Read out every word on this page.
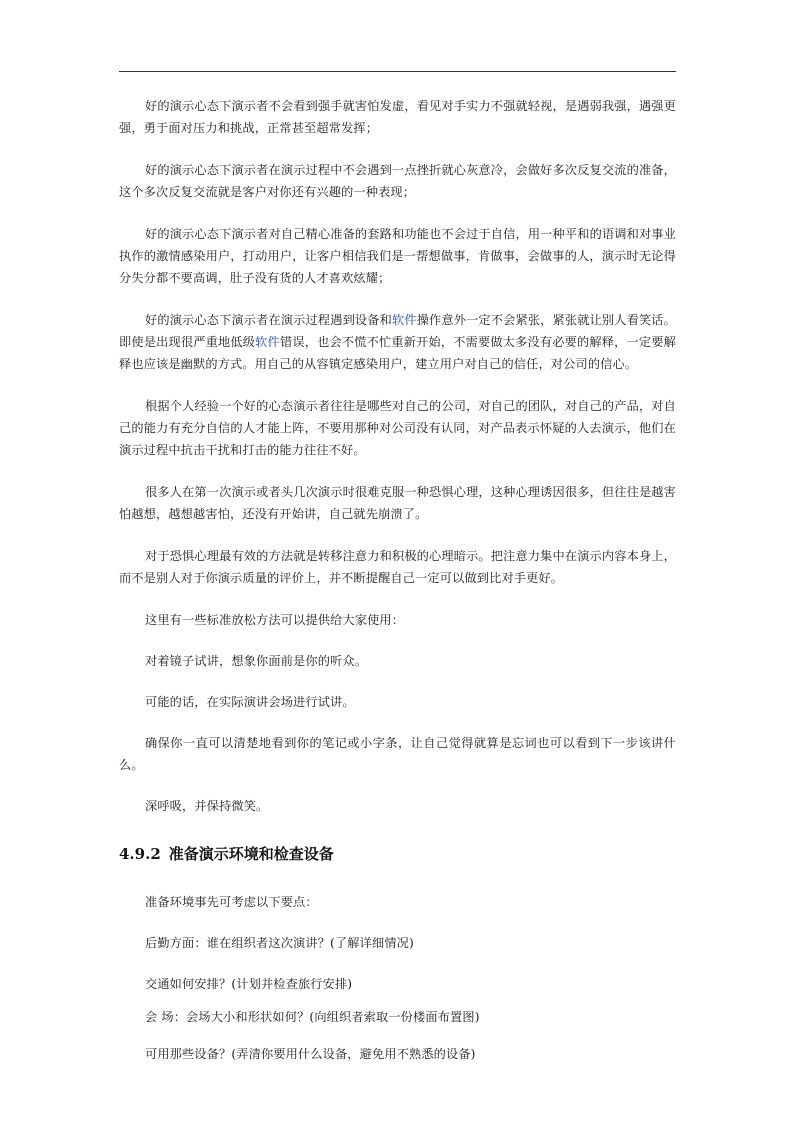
好的演示心态下演示者不会看到强手就害怕发虚，看见对手实力不强就轻视，是遇弱我强，遇强更强，勇于面对压力和挑战，正常甚至超常发挥；

好的演示心态下演示者在演示过程中不会遇到一点挫折就心灰意冷，会做好多次反复交流的准备，这个多次反复交流就是客户对你还有兴趣的一种表现；

好的演示心态下演示者对自己精心准备的套路和功能也不会过于自信，用一种平和的语调和对事业执作的激情感染用户，打动用户，让客户相信我们是一帮想做事，肯做事，会做事的人，演示时无论得分失分都不要高调，肚子没有货的人才喜欢炫耀；

好的演示心态下演示者在演示过程遇到设备和软件操作意外一定不会紧张，紧张就让别人看笑话。即使是出现很严重地低级软件错误，也会不慌不忙重新开始，不需要做太多没有必要的解释，一定要解释也应该是幽默的方式。用自己的从容镇定感染用户，建立用户对自己的信任，对公司的信心。

根据个人经验一个好的心态演示者往往是哪些对自己的公司，对自己的团队，对自己的产品，对自己的能力有充分自信的人才能上阵，不要用那种对公司没有认同，对产品表示怀疑的人去演示，他们在演示过程中抗击干扰和打击的能力往往不好。

很多人在第一次演示或者头几次演示时很难克服一种恐惧心理，这种心理诱因很多，但往往是越害怕越想，越想越害怕，还没有开始讲，自己就先崩溃了。

对于恐惧心理最有效的方法就是转移注意力和积极的心理暗示。把注意力集中在演示内容本身上，而不是别人对于你演示质量的评价上，并不断提醒自己一定可以做到比对手更好。

这里有一些标准放松方法可以提供给大家使用：

对着镜子试讲，想象你面前是你的听众。

可能的话，在实际演讲会场进行试讲。

确保你一直可以清楚地看到你的笔记或小字条，让自己觉得就算是忘词也可以看到下一步该讲什么。

深呼吸，并保持微笑。

4.9.2 准备演示环境和检查设备

准备环境事先可考虑以下要点：

后勤方面：谁在组织者这次演讲？(了解详细情况)

交通如何安排？(计划并检查旅行安排)

会 场：会场大小和形状如何？(向组织者索取一份楼面布置图)

可用那些设备？(弄清你要用什么设备，避免用不熟悉的设备)
